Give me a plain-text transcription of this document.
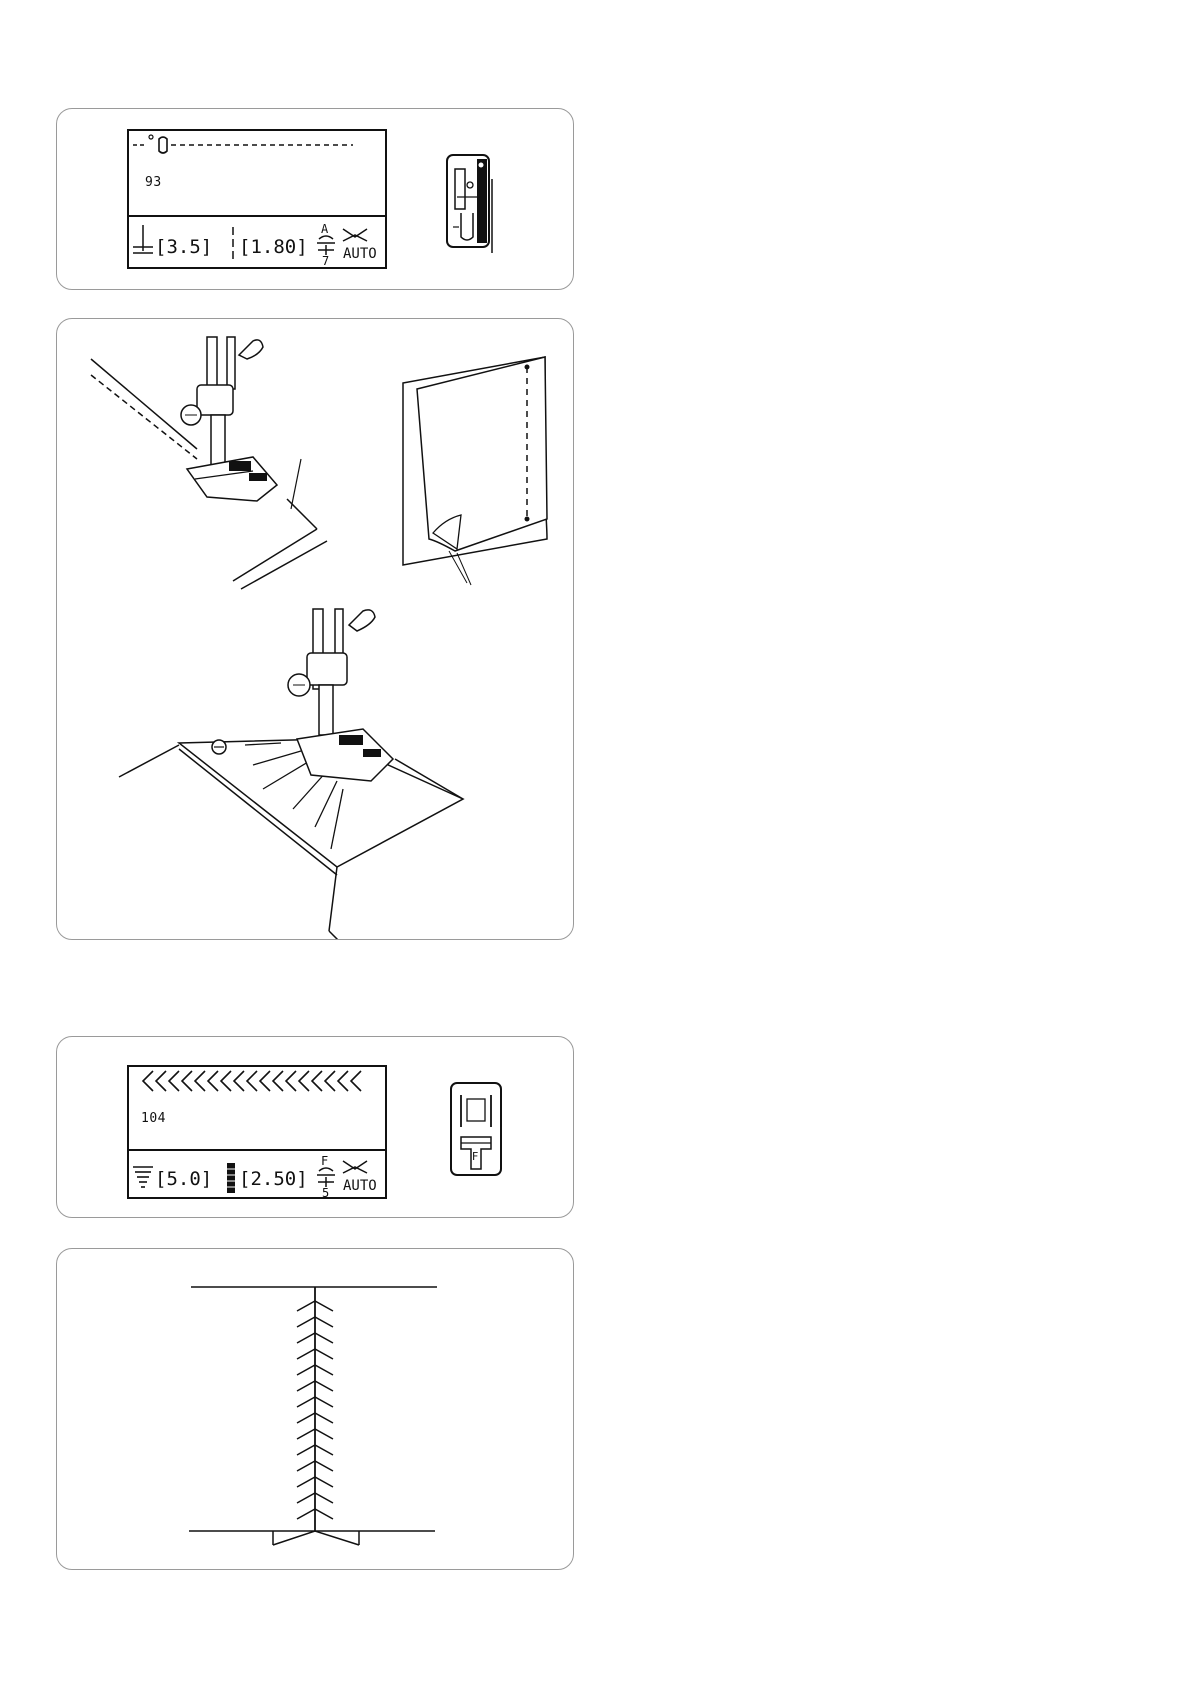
93
[3.5] [1.80]
A
7 AUTO
104
[5.0] [2.50]
F
5 AUTO
F
